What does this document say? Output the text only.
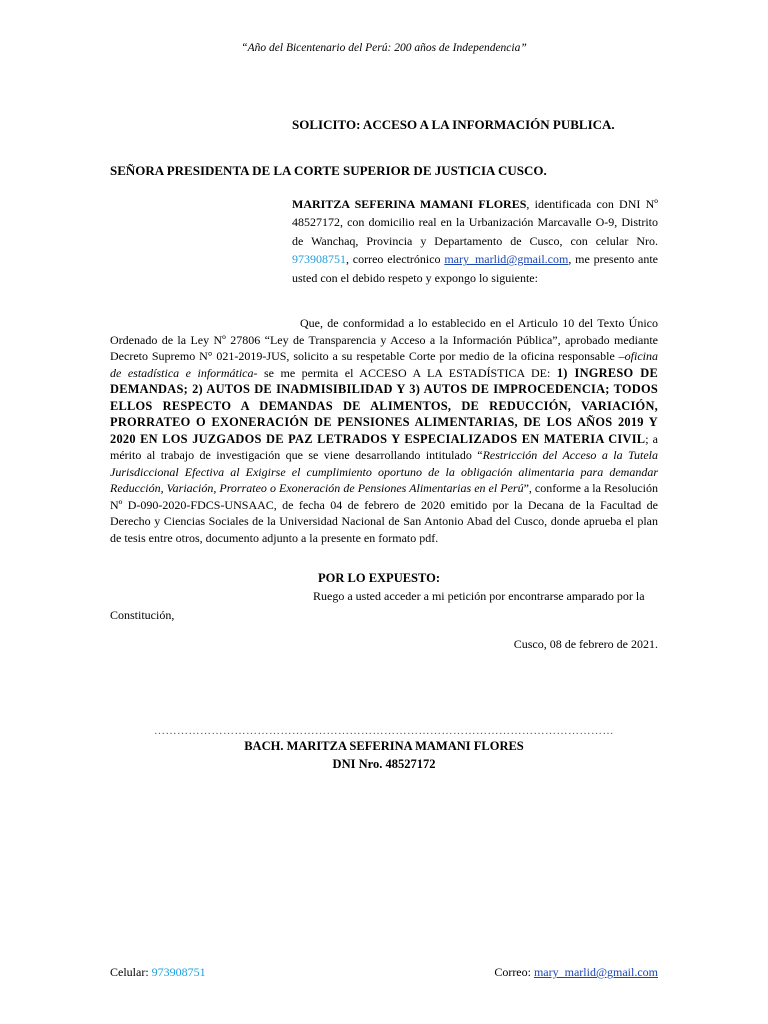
“Año del Bicentenario del Perú: 200 años de Independencia”
SOLICITO: ACCESO A LA INFORMACIÓN PUBLICA.
SEÑORA PRESIDENTA DE LA CORTE SUPERIOR DE JUSTICIA CUSCO.
MARITZA SEFERINA MAMANI FLORES, identificada con DNI Nº 48527172, con domicilio real en la Urbanización Marcavalle O-9, Distrito de Wanchaq, Provincia y Departamento de Cusco, con celular Nro. 973908751, correo electrónico mary_marlid@gmail.com, me presento ante usted con el debido respeto y expongo lo siguiente:
Que, de conformidad a lo establecido en el Articulo 10 del Texto Único Ordenado de la Ley Nº 27806 “Ley de Transparencia y Acceso a la Información Pública”, aprobado mediante Decreto Supremo N° 021-2019-JUS, solicito a su respetable Corte por medio de la oficina responsable –oficina de estadística e informática- se me permita el ACCESO A LA ESTADÍSTICA DE: 1) INGRESO DE DEMANDAS; 2) AUTOS DE INADMISIBILIDAD Y 3) AUTOS DE IMPROCEDENCIA; TODOS ELLOS RESPECTO A DEMANDAS DE ALIMENTOS, DE REDUCCIÓN, VARIACIÓN, PRORRATEO O EXONERACIÓN DE PENSIONES ALIMENTARIAS, DE LOS AÑOS 2019 Y 2020 EN LOS JUZGADOS DE PAZ LETRADOS Y ESPECIALIZADOS EN MATERIA CIVIL; a mérito al trabajo de investigación que se viene desarrollando intitulado “Restricción del Acceso a la Tutela Jurisdiccional Efectiva al Exigirse el cumplimiento oportuno de la obligación alimentaria para demandar Reducción, Variación, Prorrateo o Exoneración de Pensiones Alimentarias en el Perú”, conforme a la Resolución Nº D-090-2020-FDCS-UNSAAC, de fecha 04 de febrero de 2020 emitido por la Decana de la Facultad de Derecho y Ciencias Sociales de la Universidad Nacional de San Antonio Abad del Cusco, donde aprueba el plan de tesis entre otros, documento adjunto a la presente en formato pdf.
POR LO EXPUESTO:
Ruego a usted acceder a mi petición por encontrarse amparado por la Constitución,
Cusco, 08 de febrero de 2021.
…………………………………………………………………………………………………………
BACH. MARITZA SEFERINA MAMANI FLORES
DNI Nro. 48527172
Celular: 973908751	Correo: mary_marlid@gmail.com
